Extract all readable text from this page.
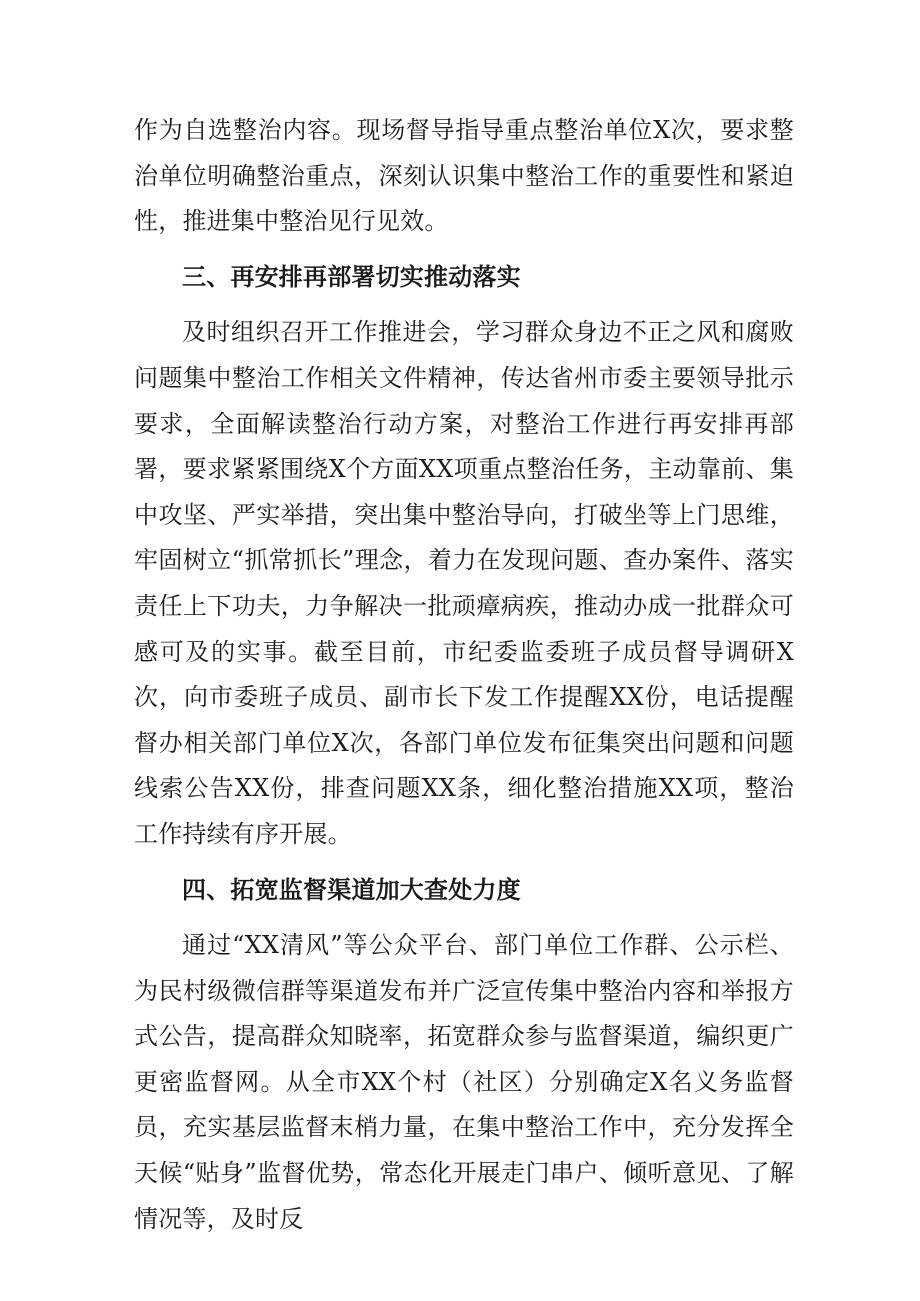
作为自选整治内容。现场督导指导重点整治单位X次，要求整治单位明确整治重点，深刻认识集中整治工作的重要性和紧迫性，推进集中整治见行见效。

三、再安排再部署切实推动落实

及时组织召开工作推进会，学习群众身边不正之风和腐败问题集中整治工作相关文件精神，传达省州市委主要领导批示要求，全面解读整治行动方案，对整治工作进行再安排再部署，要求紧紧围绕X个方面XX项重点整治任务，主动靠前、集中攻坚、严实举措，突出集中整治导向，打破坐等上门思维，牢固树立“抓常抓长”理念，着力在发现问题、查办案件、落实责任上下功夫，力争解决一批顽瘴病疾，推动办成一批群众可感可及的实事。截至目前，市纪委监委班子成员督导调研X次，向市委班子成员、副市长下发工作提醒XX份，电话提醒督办相关部门单位X次，各部门单位发布征集突出问题和问题线索公告XX份，排查问题XX条，细化整治措施XX项，整治工作持续有序开展。

四、拓宽监督渠道加大查处力度

通过“XX清风”等公众平台、部门单位工作群、公示栏、为民村级微信群等渠道发布并广泛宣传集中整治内容和举报方式公告，提高群众知晓率，拓宽群众参与监督渠道，编织更广更密监督网。从全市XX个村（社区）分别确定X名义务监督员，充实基层监督末梢力量，在集中整治工作中，充分发挥全天候“贴身”监督优势，常态化开展走门串户、倾听意见、了解情况等，及时反
